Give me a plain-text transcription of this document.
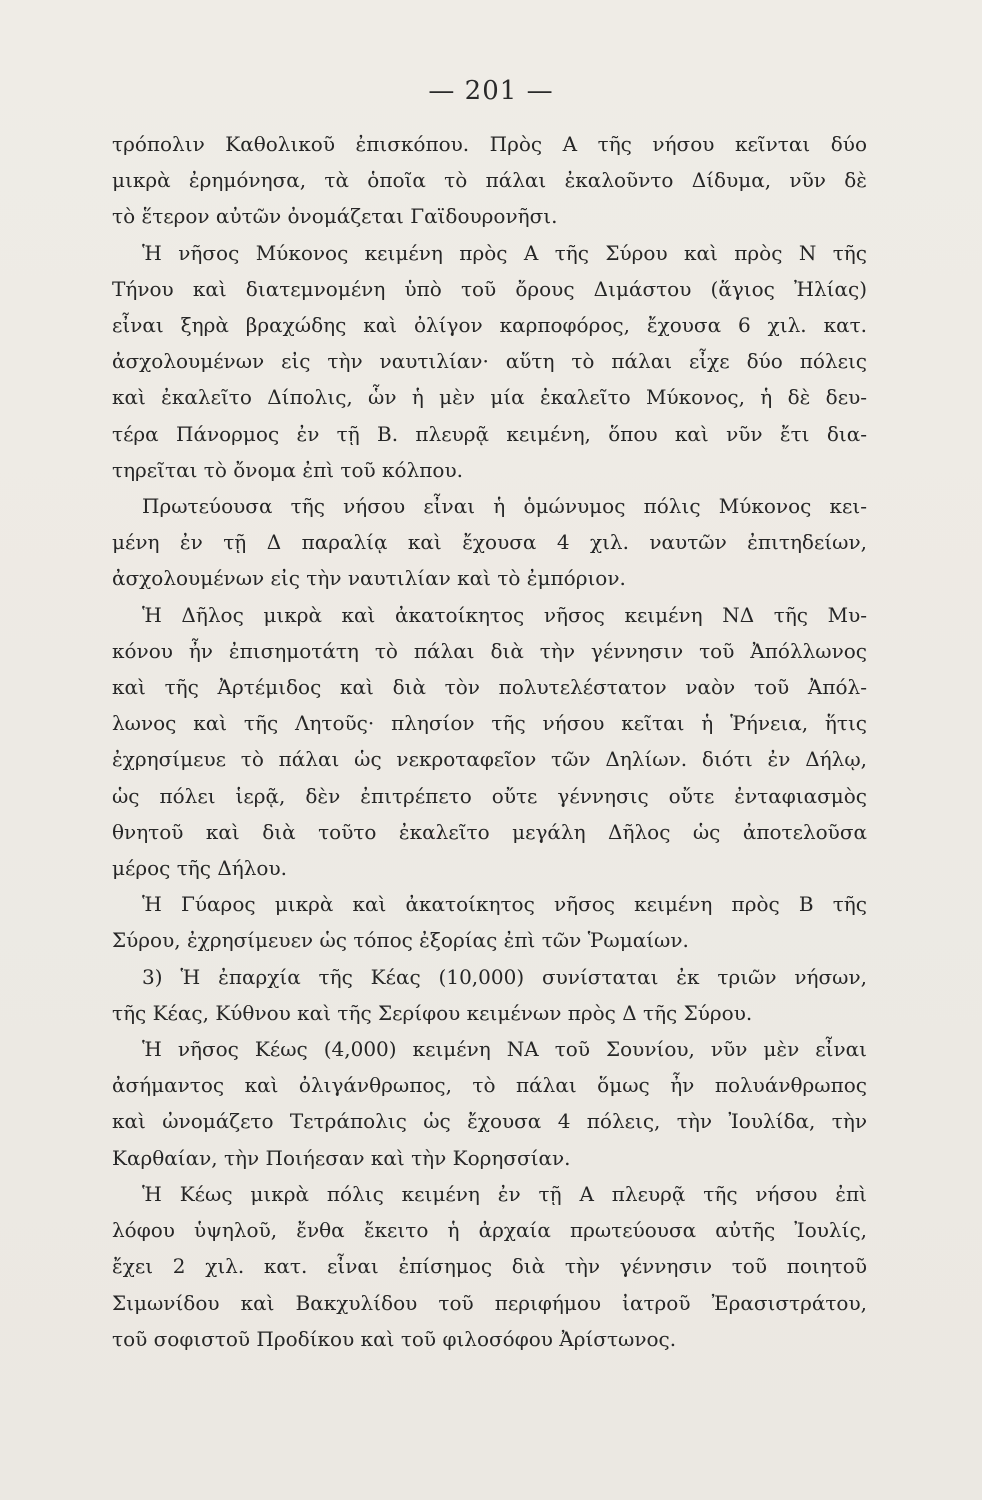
— 201 —

τρόπολιν Καθολικοῦ ἐπισκόπου. Πρὸς Α τῆς νήσου κεῖνται δύο

μικρὰ ἐρημόνησα, τὰ ὁποῖα τὸ πάλαι ἐκαλοῦντο Δίδυμα, νῦν δὲ

τὸ ἕτερον αὐτῶν ὀνομάζεται Γαϊδουρονῆσι.

Ἡ νῆσος Μύκονος κειμένη πρὸς Α τῆς Σύρου καὶ πρὸς Ν τῆς

Τήνου καὶ διατεμνομένη ὑπὸ τοῦ ὄρους Διμάστου (ἅγιος Ἠλίας)

εἶναι ξηρὰ βραχώδης καὶ ὀλίγον καρποφόρος, ἔχουσα 6 χιλ. κατ.

ἀσχολουμένων εἰς τὴν ναυτιλίαν· αὕτη τὸ πάλαι εἶχε δύο πόλεις

καὶ ἐκαλεῖτο Δίπολις, ὧν ἡ μὲν μία ἐκαλεῖτο Μύκονος, ἡ δὲ δευ-

τέρα Πάνορμος ἐν τῇ Β. πλευρᾷ κειμένη, ὅπου καὶ νῦν ἔτι δια-

τηρεῖται τὸ ὄνομα ἐπὶ τοῦ κόλπου.

Πρωτεύουσα τῆς νήσου εἶναι ἡ ὁμώνυμος πόλις Μύκονος κει-

μένη ἐν τῇ Δ παραλίᾳ καὶ ἔχουσα 4 χιλ. ναυτῶν ἐπιτηδείων,

ἀσχολουμένων εἰς τὴν ναυτιλίαν καὶ τὸ ἐμπόριον.

Ἡ Δῆλος μικρὰ καὶ ἀκατοίκητος νῆσος κειμένη ΝΔ τῆς Μυ-

κόνου ἦν ἐπισημοτάτη τὸ πάλαι διὰ τὴν γέννησιν τοῦ Ἀπόλλωνος

καὶ τῆς Ἀρτέμιδος καὶ διὰ τὸν πολυτελέστατον ναὸν τοῦ Ἀπόλ-

λωνος καὶ τῆς Λητοῦς· πλησίον τῆς νήσου κεῖται ἡ Ῥήνεια, ἥτις

ἐχρησίμευε τὸ πάλαι ὡς νεκροταφεῖον τῶν Δηλίων. διότι ἐν Δήλῳ,

ὡς πόλει ἱερᾷ, δὲν ἐπιτρέπετο οὔτε γέννησις οὔτε ἐνταφιασμὸς

θνητοῦ καὶ διὰ τοῦτο ἐκαλεῖτο μεγάλη Δῆλος ὡς ἀποτελοῦσα

μέρος τῆς Δήλου.

Ἡ Γύαρος μικρὰ καὶ ἀκατοίκητος νῆσος κειμένη πρὸς Β τῆς

Σύρου, ἐχρησίμευεν ὡς τόπος ἐξορίας ἐπὶ τῶν Ῥωμαίων.

3) Ἡ ἐπαρχία τῆς Κέας (10,000) συνίσταται ἐκ τριῶν νήσων,

τῆς Κέας, Κύθνου καὶ τῆς Σερίφου κειμένων πρὸς Δ τῆς Σύρου.

Ἡ νῆσος Κέως (4,000) κειμένη ΝΑ τοῦ Σουνίου, νῦν μὲν εἶναι

ἀσήμαντος καὶ ὀλιγάνθρωπος, τὸ πάλαι ὅμως ἦν πολυάνθρωπος

καὶ ὠνομάζετο Τετράπολις ὡς ἔχουσα 4 πόλεις, τὴν Ἰουλίδα, τὴν

Καρθαίαν, τὴν Ποιήεσαν καὶ τὴν Κορησσίαν.

Ἡ Κέως μικρὰ πόλις κειμένη ἐν τῇ Α πλευρᾷ τῆς νήσου ἐπὶ

λόφου ὑψηλοῦ, ἔνθα ἔκειτο ἡ ἀρχαία πρωτεύουσα αὐτῆς Ἰουλίς,

ἔχει 2 χιλ. κατ. εἶναι ἐπίσημος διὰ τὴν γέννησιν τοῦ ποιητοῦ

Σιμωνίδου καὶ Βακχυλίδου τοῦ περιφήμου ἰατροῦ Ἐρασιστράτου,

τοῦ σοφιστοῦ Προδίκου καὶ τοῦ φιλοσόφου Ἀρίστωνος.
